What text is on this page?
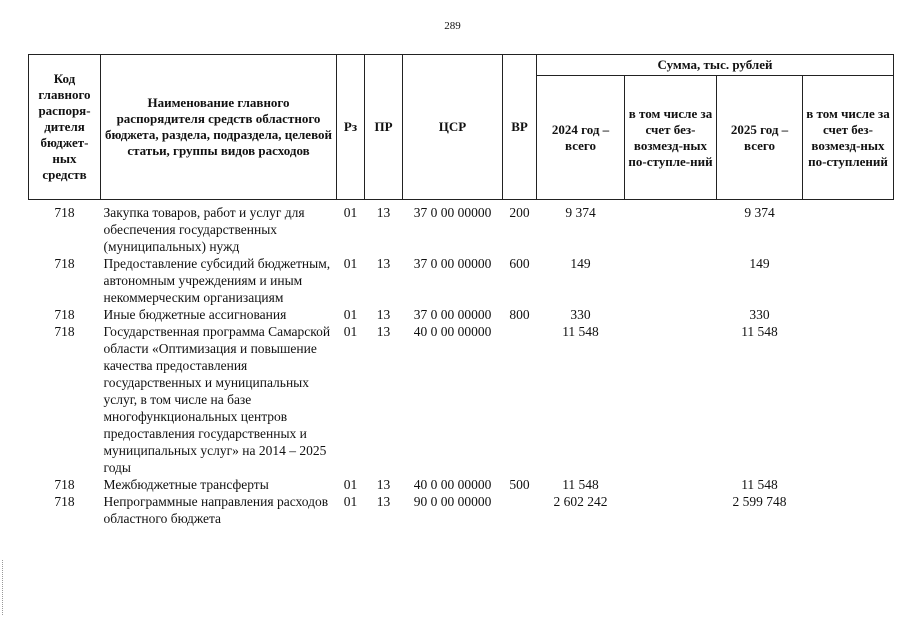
289
Код главного распоря-дителя бюджет-ных средств	Наименование главного распорядителя средств областного бюджета, раздела, подраздела, целевой статьи, группы видов расходов	Рз	ПР	ЦСР	ВР	Сумма, тыс. рублей			
						2024 год – всего	в том числе за счет без-возмезд-ных по-ступле-ний	2025 год – всего	в том числе за счет без-возмезд-ных по-ступлений
718	Закупка товаров, работ и услуг для обеспечения государственных (муниципальных) нужд	01	13	37 0 00 00000	200	9 374		9 374	
718	Предоставление субсидий бюджетным, автономным учреждениям и иным некоммерческим организациям	01	13	37 0 00 00000	600	149		149	
718	Иные бюджетные ассигнования	01	13	37 0 00 00000	800	330		330	
718	Государственная программа Самарской области «Оптимизация и повышение качества предоставления государственных и муниципальных услуг, в том числе на базе многофункциональных центров предоставления государственных и муниципальных услуг» на 2014 – 2025 годы	01	13	40 0 00 00000		11 548		11 548	
718	Межбюджетные трансферты	01	13	40 0 00 00000	500	11 548		11 548	
718	Непрограммные направления расходов областного бюджета	01	13	90 0 00 00000		2 602 242		2 599 748	
